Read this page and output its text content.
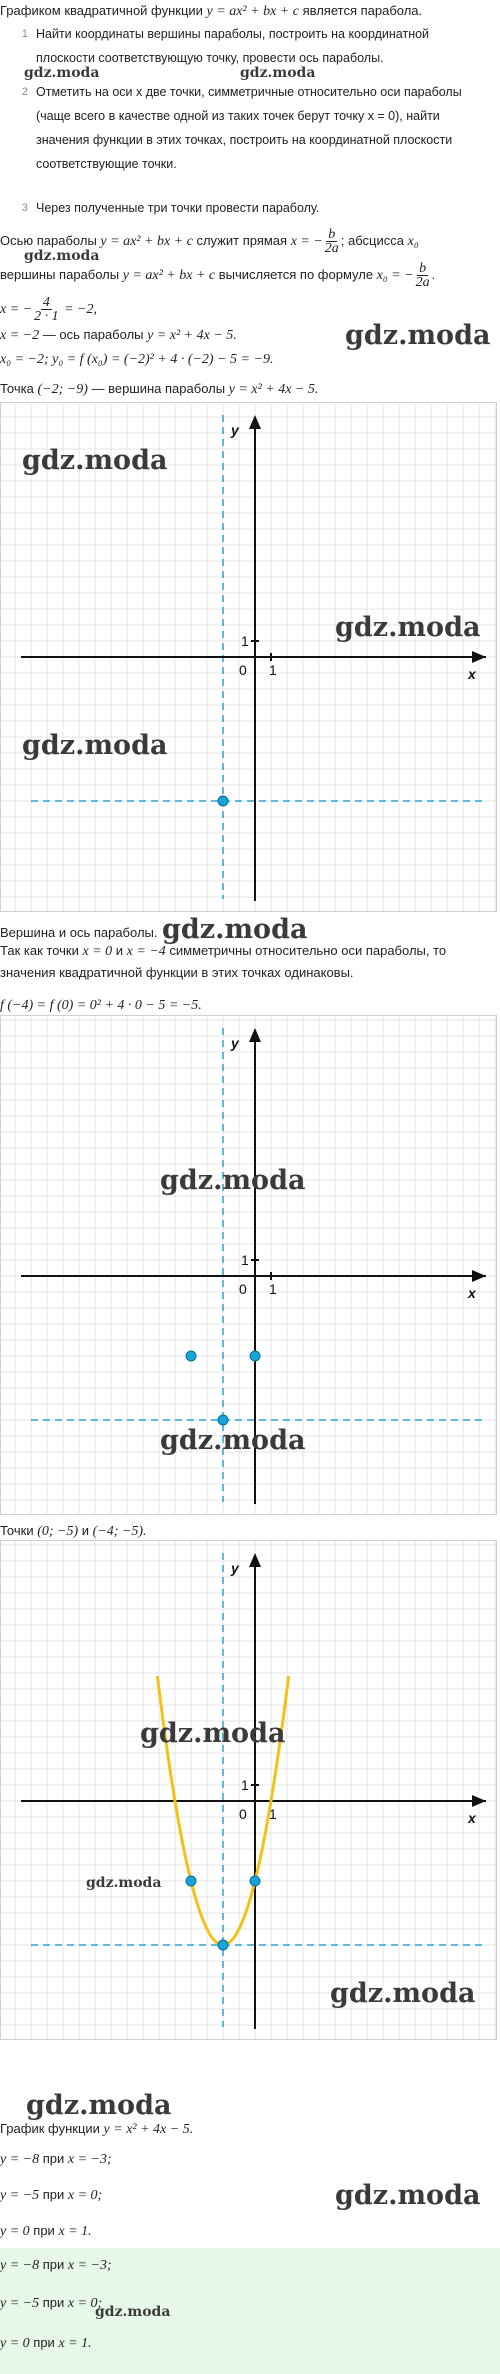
Графиком квадратичной функции y = ax² + bx + c является парабола.
1 Найти координаты вершины параболы, построить на координатной плоскости соответствующую точку, провести ось параболы.
2 Отметить на оси x две точки, симметричные относительно оси параболы (чаще всего в качестве одной из таких точек берут точку x = 0), найти значения функции в этих точках, построить на координатной плоскости соответствующие точки.
3 Через полученные три точки провести параболу.
gdz.moda	gdz.moda
Осью параболы y = ax² + bx + c служит прямая x = − $\frac{b}{2a}$ ; абсцисса x₀
gdz.moda
вершины параболы y = ax² + bx + c вычисляется по формуле x₀ = − $\frac{b}{2a}$ .
x = − $\frac{4}{2 \cdot 1} = -2$,
x = −2 — ось параболы y = x² + 4x − 5.	gdz.moda
x₀ = −2; y₀ = f (x₀) = (−2)² + 4 · (−2) − 5 = −9.
Точка (−2; −9) — вершина параболы y = x² + 4x − 5.
x
y
0 1
1
gdz.moda
gdz.moda
gdz.moda
Вершина и ось параболы. gdz.moda
Так как точки x = 0 и x = −4 симметричны относительно оси параболы, то
значения квадратичной функции в этих точках одинаковы.
f (−4) = f (0) = 0² + 4 · 0 − 5 = −5.
x
y
0 1
1
gdz.moda
gdz.moda
Точки (0; −5) и (−4; −5).
x
y
0 1
1
gdz.moda
gdz.moda
gdz.moda
gdz.moda
График функции y = x² + 4x − 5.
y = −8 при x = −3;
y = −5 при x = 0;	gdz.moda
y = 0 при x = 1.
y = −8 при x = −3;
y = −5 при x = 0;
gdz.moda
y = 0 при x = 1.
